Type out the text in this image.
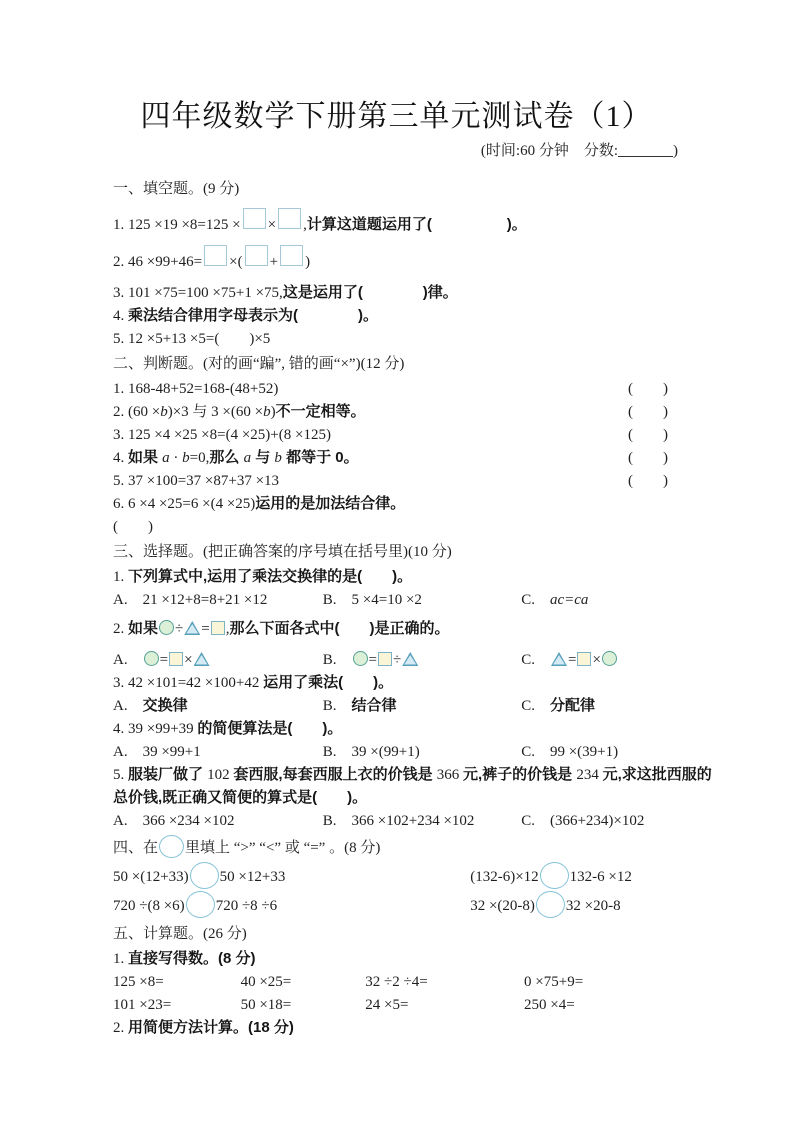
四年级数学下册第三单元测试卷（1）
(时间:60 分钟　分数:	)
一、填空题。(9 分)
1. 125 ×19 ×8=125 × × ,计算这道题运用了(　　　　　)。
2. 46 ×99+46= ×( + )
3. 101 ×75=100 ×75+1 ×75,这是运用了(　　　　)律。
4. 乘法结合律用字母表示为(　　　　)。
5. 12 ×5+13 ×5=(　　)×5
二、判断题。(对的画“蹁”, 错的画“×”)(12 分)
1. 168-48+52=168-(48+52)	(　　)
2. (60 ×b)×3 与 3 ×(60 ×b)不一定相等。	(　　)
3. 125 ×4 ×25 ×8=(4 ×25)+(8 ×125)	(　　)
4. 如果 a · b=0,那么 a 与 b 都等于 0。	(　　)
5. 37 ×100=37 ×87+37 ×13	(　　)
6. 6 ×4 ×25=6 ×(4 ×25)运用的是加法结合律。
(　　)
三、选择题。(把正确答案的序号填在括号里)(10 分)
1. 下列算式中,运用了乘法交换律的是(　　)。
A.　21 ×12+8=8+21 ×12	B.　5 ×4=10 ×2	C.　ac=ca
2. 如果 ÷ = ,那么下面各式中(　　)是正确的。
A.　= ×	B.　= ÷	C.　= ×
3. 42 ×101=42 ×100+42 运用了乘法(　　)。
A.　交换律	B.　结合律	C.　分配律
4. 39 ×99+39 的简便算法是(　　)。
A.　39 ×99+1	B.　39 ×(99+1)	C.　99 ×(39+1)
5. 服装厂做了 102 套西服,每套西服上衣的价钱是 366 元,裤子的价钱是 234 元,求这批西服的
总价钱,既正确又简便的算式是(　　)。
A.　366 ×234 ×102	B.　366 ×102+234 ×102	C.　(366+234)×102
四、在 里填上 “>” “<” 或 “=” 。(8 分)
50 ×(12+33) 50 ×12+33	(132-6)×12 132-6 ×12
720 ÷(8 ×6) 720 ÷8 ÷6	32 ×(20-8) 32 ×20-8
五、计算题。(26 分)
1. 直接写得数。(8 分)
125 ×8=	40 ×25=	32 ÷2 ÷4=	0 ×75+9=
101 ×23=	50 ×18=	24 ×5=	250 ×4=
2. 用简便方法计算。(18 分)
